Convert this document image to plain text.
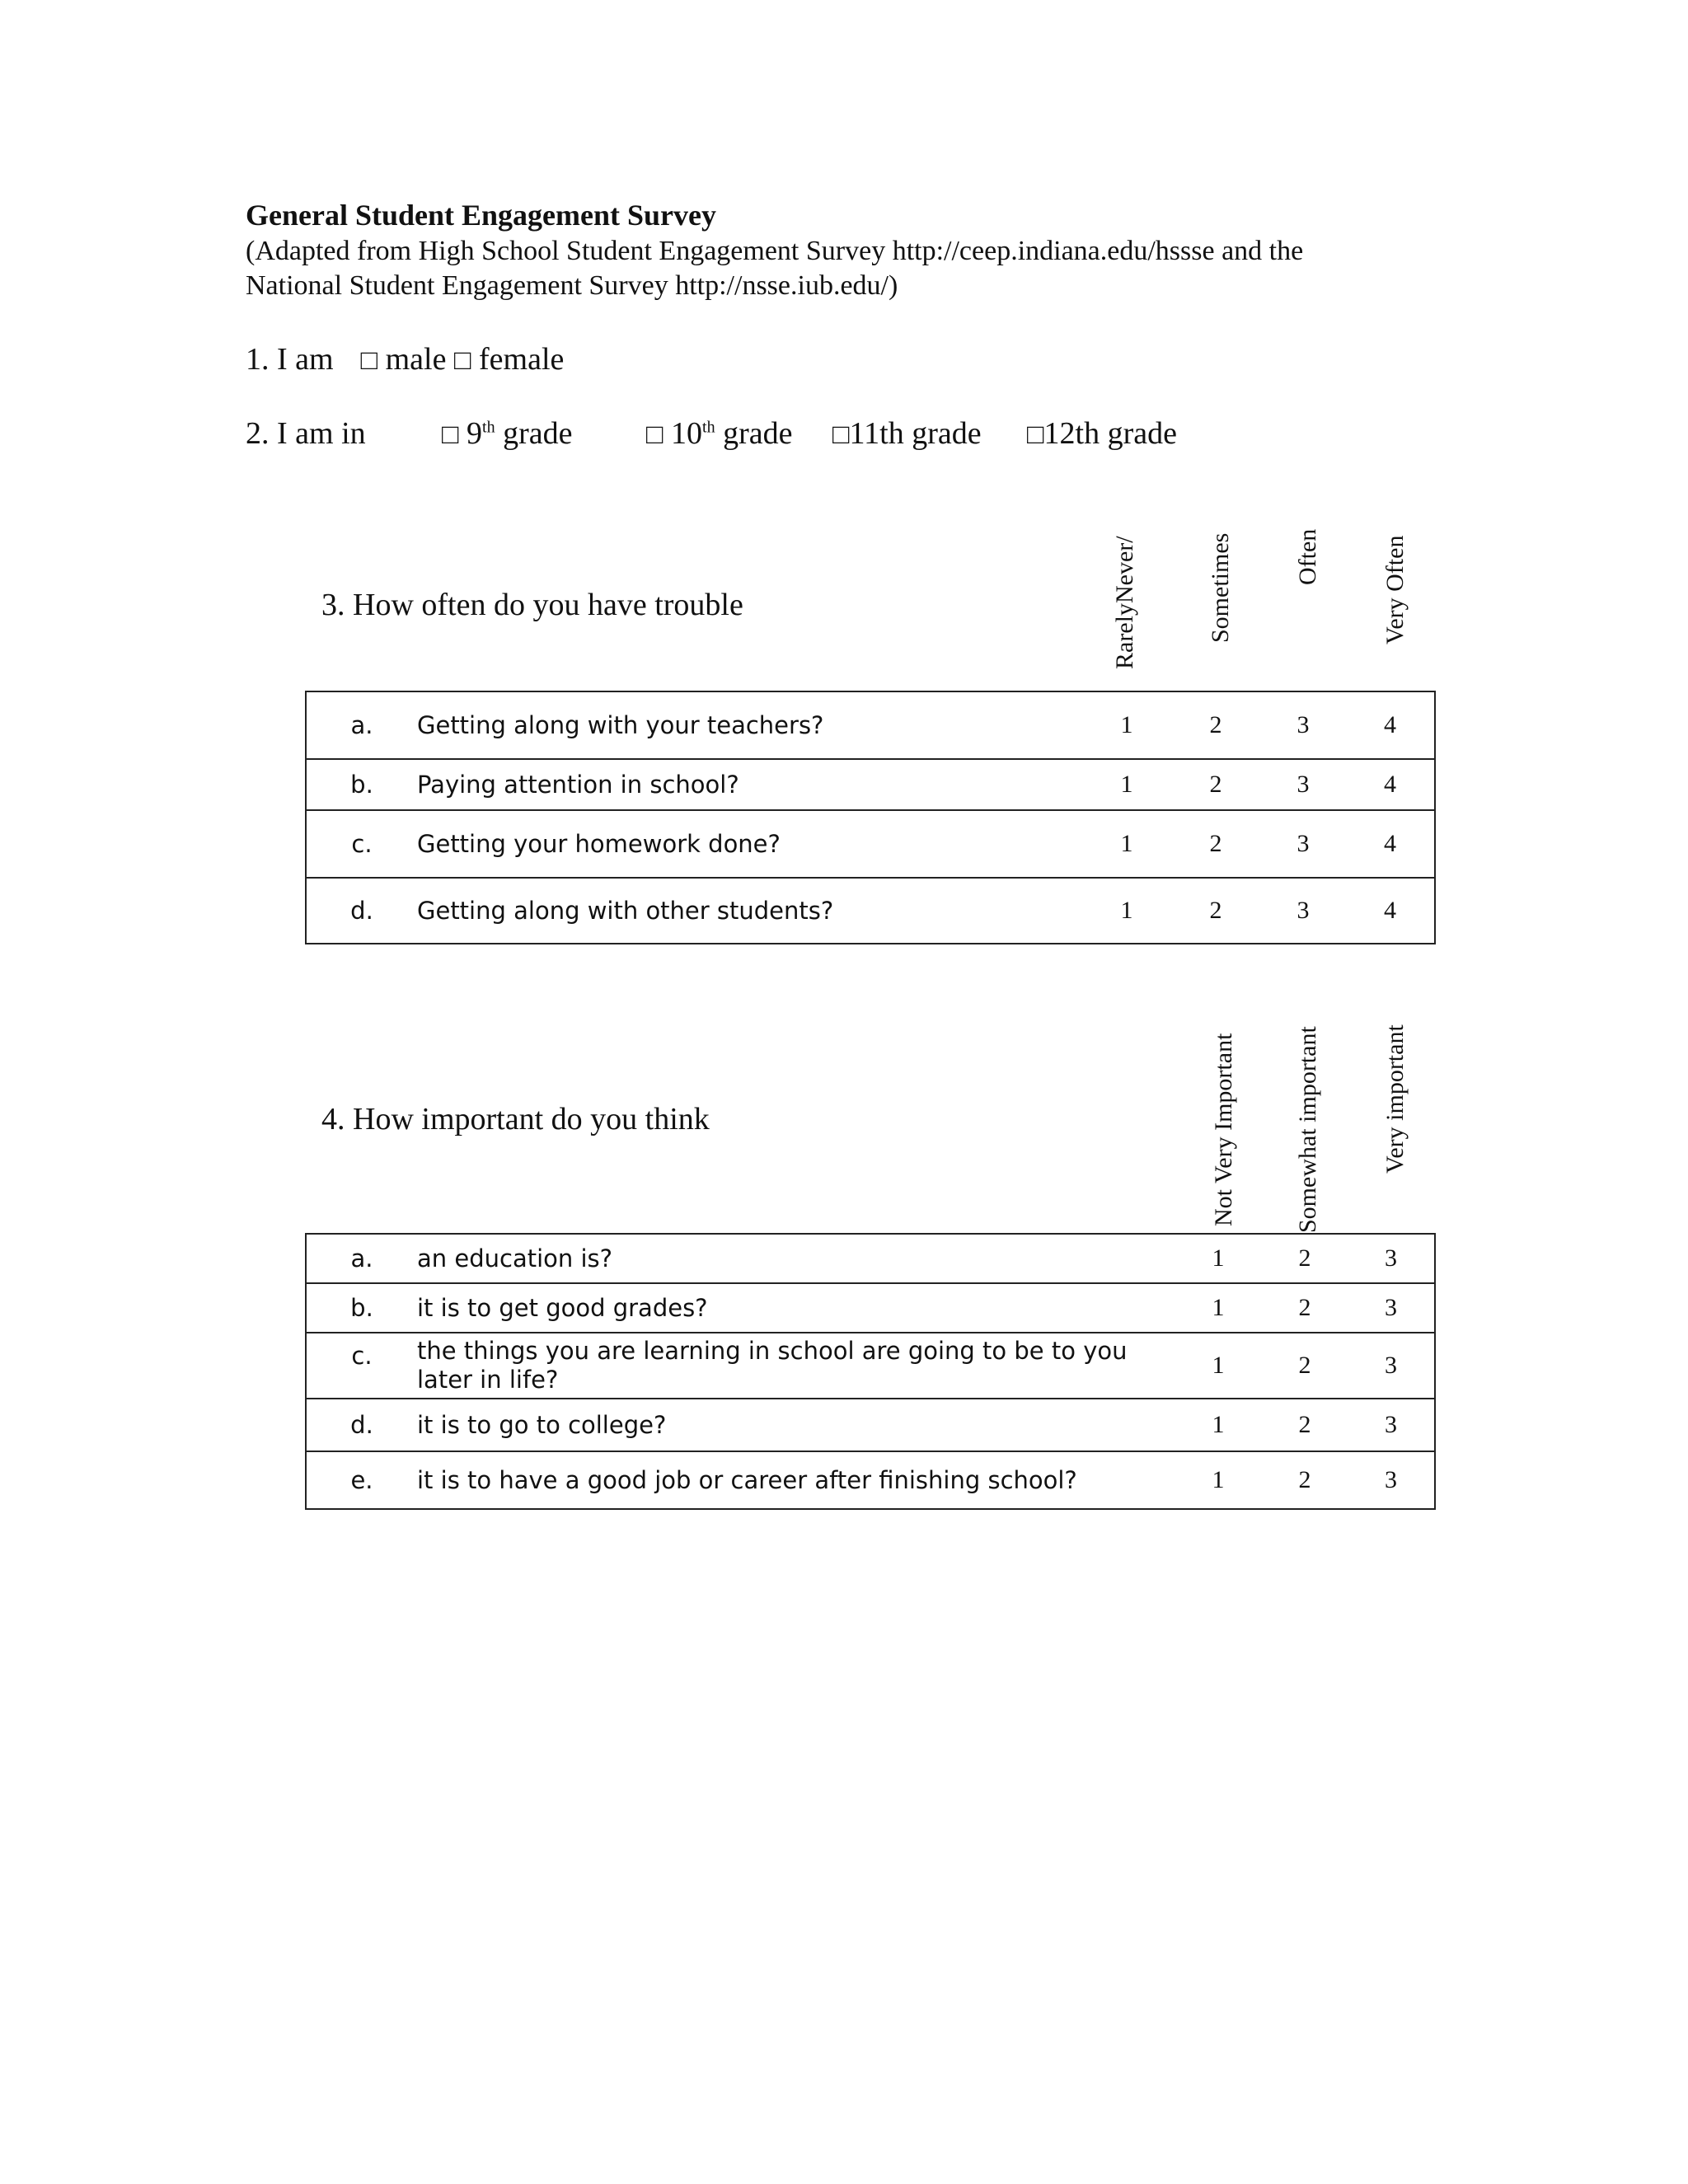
General Student Engagement Survey
(Adapted from High School Student Engagement Survey http://ceep.indiana.edu/hssse and the
National Student Engagement Survey http://nsse.iub.edu/)
1. I am □ male □ female
2. I am in	□ 9th grade	□ 10th grade □11th grade □12th grade
3. How often do you have trouble	RarelyNever/	Sometimes Often Very Often
a.	Getting along with your teachers?	1	2	3	4
b.	Paying attention in school?	1	2	3	4
c.	Getting your homework done?	1	2	3	4
d.	Getting along with other students?	1	2	3	4
4. How important do you think	Not Very Important Somewhat important Very important
a.	an education is?	1	2	3
b.	it is to get good grades?	1	2	3
c.	the things you are learning in school are going to be to you later in life?	1	2	3
d.	it is to go to college?	1	2	3
e.	it is to have a good job or career after finishing school?	1	2	3
